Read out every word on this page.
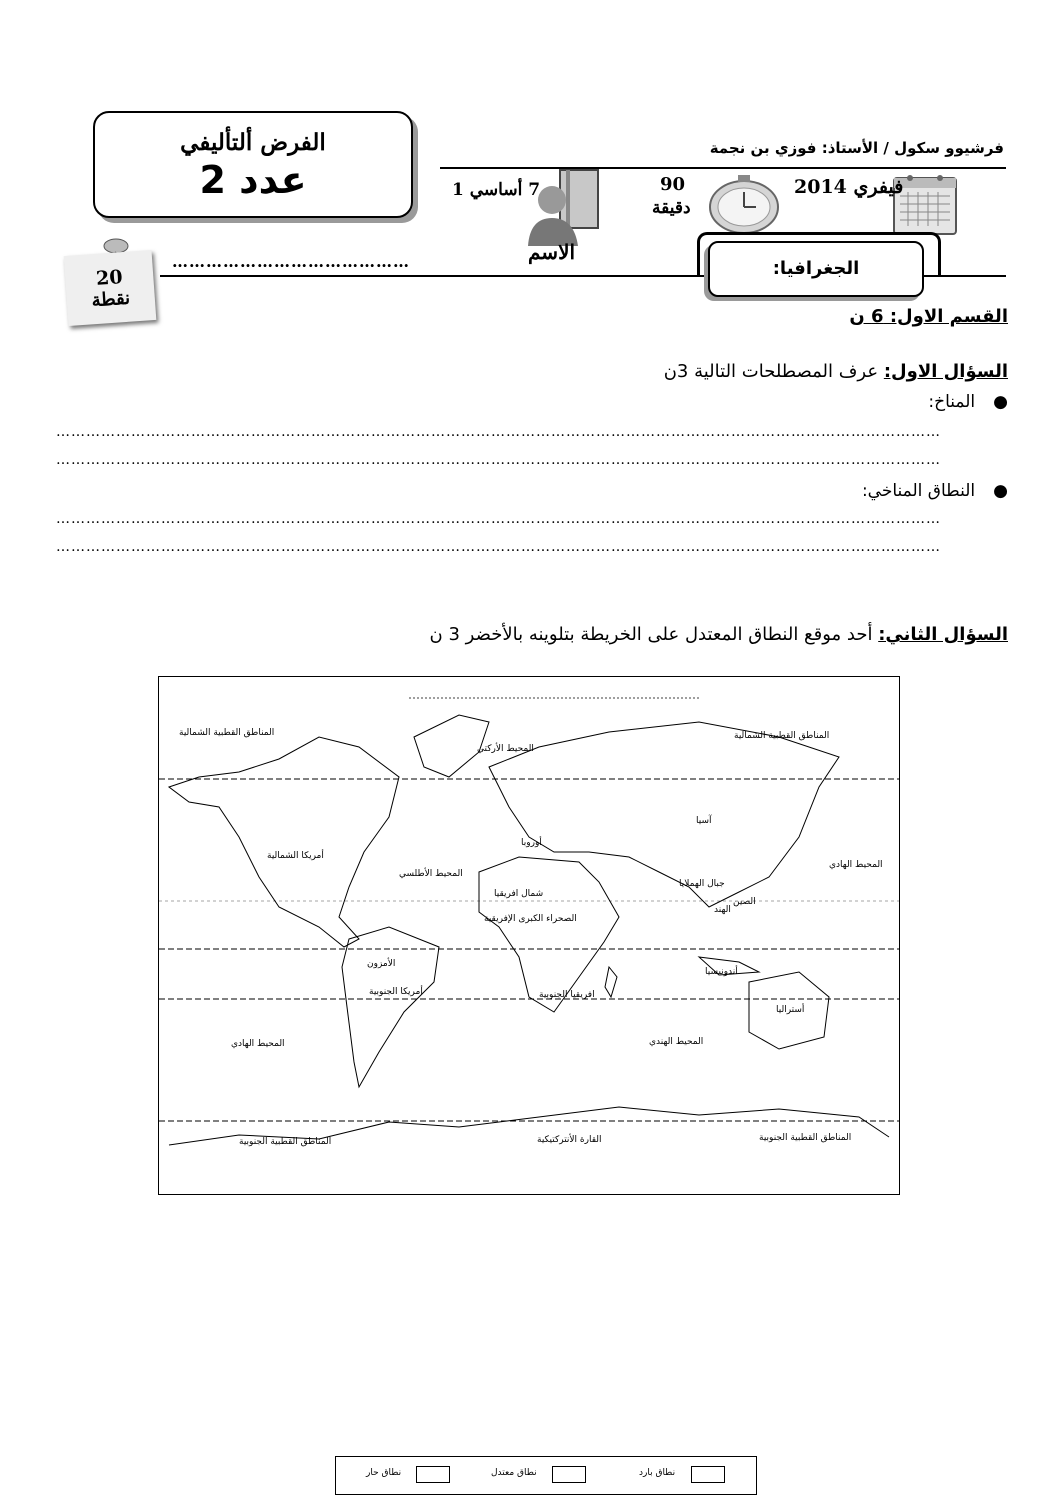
الفرض ألتأليفي
عدد 2
فرشيوو سكول / الأستاذ: فوزي بن نجمة
فيفري 2014
90
دقيقة
7 أساسي 1
الاسم
……………………………………	الجغرافيا:
20
نقطة
القسم الاول: 6 ن
السؤال الاول: عرف المصطلحات التالية 3ن
●المناخ:
……………………………………………………………………………………………………………………………………………………………
……………………………………………………………………………………………………………………………………………………………
●النطاق المناخي:
……………………………………………………………………………………………………………………………………………………………
……………………………………………………………………………………………………………………………………………………………
السؤال الثاني: أحد موقع النطاق المعتدل على الخريطة بتلوينه بالأخضر 3 ن
المناطق القطبية الشمالية	المناطق القطبية الشمالية
المحيط الأركتي
آسيا
أوروبا
أمريكا الشمالية
المحيط الهادي
المحيط الأطلسي
شمال افريقيا
جبال الهملايا
الصين
الهند
الصحراء الكبرى الإفريقية
الأمزون
أندونيسيا
أمريكا الجنوبية	افريقيا الجنوبية
أستراليا
المحيط الهادي	المحيط الهندي
المناطق القطبية الجنوبية	القارة الأنتركتيكية	المناطق القطبية الجنوبية
نطاق بارد
نطاق معتدل
نطاق حار
